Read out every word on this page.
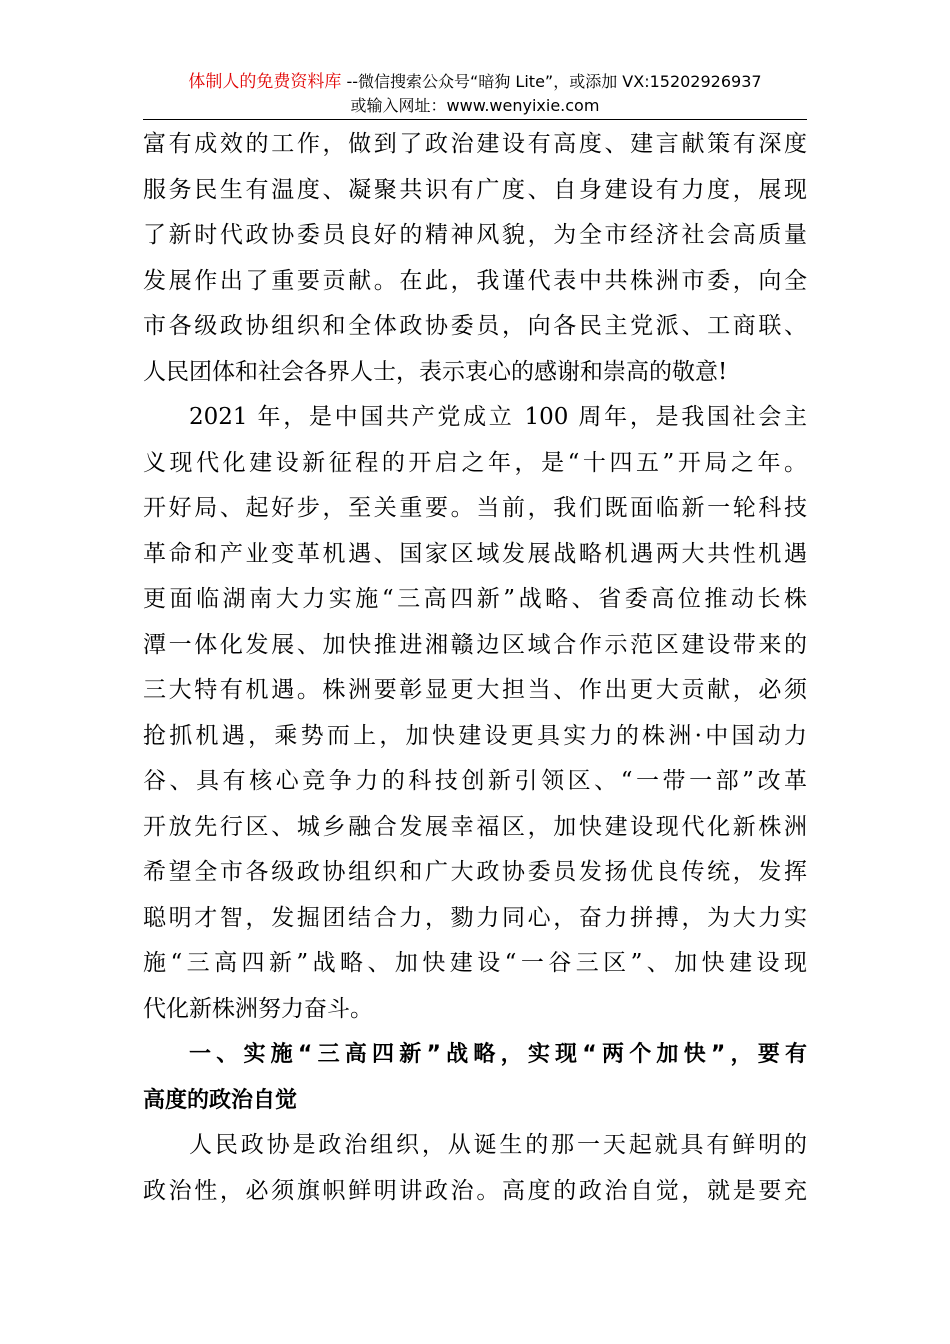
体制人的免费资料库 --微信搜索公众号“暗狗 Lite”，或添加 VX:15202926937
或输入网址：www.wenyixie.com
富有成效的工作，做到了政治建设有高度、建言献策有深度
服务民生有温度、凝聚共识有广度、自身建设有力度，展现
了新时代政协委员良好的精神风貌，为全市经济社会高质量
发展作出了重要贡献。在此，我谨代表中共株洲市委，向全
市各级政协组织和全体政协委员，向各民主党派、工商联、
人民团体和社会各界人士，表示衷心的感谢和崇高的敬意!
2021 年，是中国共产党成立 100 周年，是我国社会主
义现代化建设新征程的开启之年，是“十四五”开局之年。
开好局、起好步，至关重要。当前，我们既面临新一轮科技
革命和产业变革机遇、国家区域发展战略机遇两大共性机遇
更面临湖南大力实施“三高四新”战略、省委高位推动长株
潭一体化发展、加快推进湘赣边区域合作示范区建设带来的
三大特有机遇。株洲要彰显更大担当、作出更大贡献，必须
抢抓机遇，乘势而上，加快建设更具实力的株洲·中国动力
谷、具有核心竞争力的科技创新引领区、“一带一部”改革
开放先行区、城乡融合发展幸福区，加快建设现代化新株洲
希望全市各级政协组织和广大政协委员发扬优良传统，发挥
聪明才智，发掘团结合力，勠力同心，奋力拼搏，为大力实
施“三高四新”战略、加快建设“一谷三区”、加快建设现
代化新株洲努力奋斗。
一、实施“三高四新”战略，实现“两个加快”，要有
高度的政治自觉
人民政协是政治组织，从诞生的那一天起就具有鲜明的
政治性，必须旗帜鲜明讲政治。高度的政治自觉，就是要充
